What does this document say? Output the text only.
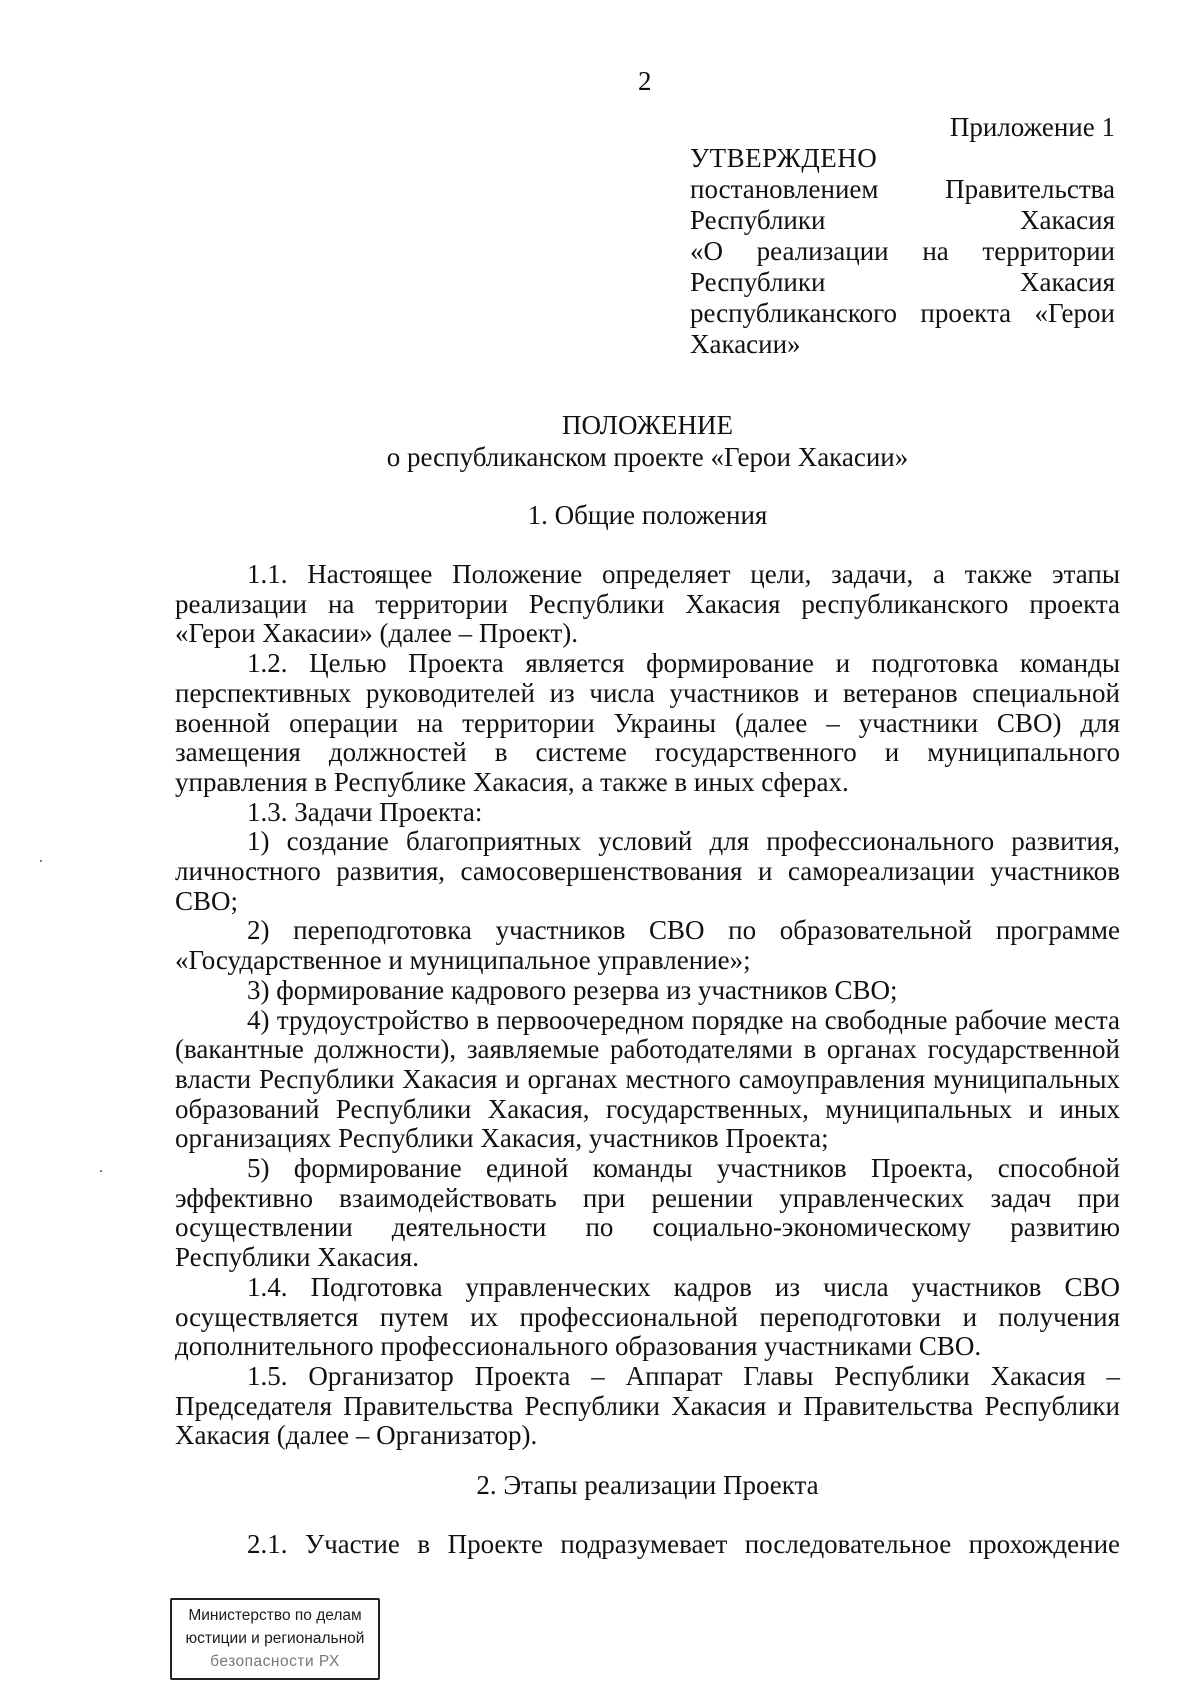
2
Приложение 1
УТВЕРЖДЕНО
постановлением Правительства
Республики	Хакасия
«О реализации на территории
Республики	Хакасия
республиканского проекта «Герои
Хакасии»
ПОЛОЖЕНИЕ
о республиканском проекте «Герои Хакасии»
1. Общие положения

1.1. Настоящее Положение определяет цели, задачи, а также этапы реализации на территории Республики Хакасия республиканского проекта «Герои Хакасии» (далее – Проект).

1.2. Целью Проекта является формирование и подготовка команды перспективных руководителей из числа участников и ветеранов специальной военной операции на территории Украины (далее – участники СВО) для замещения должностей в системе государственного и муниципального управления в Республике Хакасия, а также в иных сферах.

1.3. Задачи Проекта:

1) создание благоприятных условий для профессионального развития, личностного развития, самосовершенствования и самореализации участников СВО;

2) переподготовка участников СВО по образовательной программе «Государственное и муниципальное управление»;

3) формирование кадрового резерва из участников СВО;

4) трудоустройство в первоочередном порядке на свободные рабочие места (вакантные должности), заявляемые работодателями в органах государственной власти Республики Хакасия и органах местного самоуправления муниципальных образований Республики Хакасия, государственных, муниципальных и иных организациях Республики Хакасия, участников Проекта;

5) формирование единой команды участников Проекта, способной эффективно взаимодействовать при решении управленческих задач при осуществлении деятельности по социально-экономическому развитию Республики Хакасия.

1.4. Подготовка управленческих кадров из числа участников СВО осуществляется путем их профессиональной переподготовки и получения дополнительного профессионального образования участниками СВО.

1.5. Организатор Проекта – Аппарат Главы Республики Хакасия – Председателя Правительства Республики Хакасия и Правительства Республики Хакасия (далее – Организатор).

2. Этапы реализации Проекта

2.1. Участие в Проекте подразумевает последовательное прохождение

Министерство по делам
юстиции и региональной
безопасности РХ
